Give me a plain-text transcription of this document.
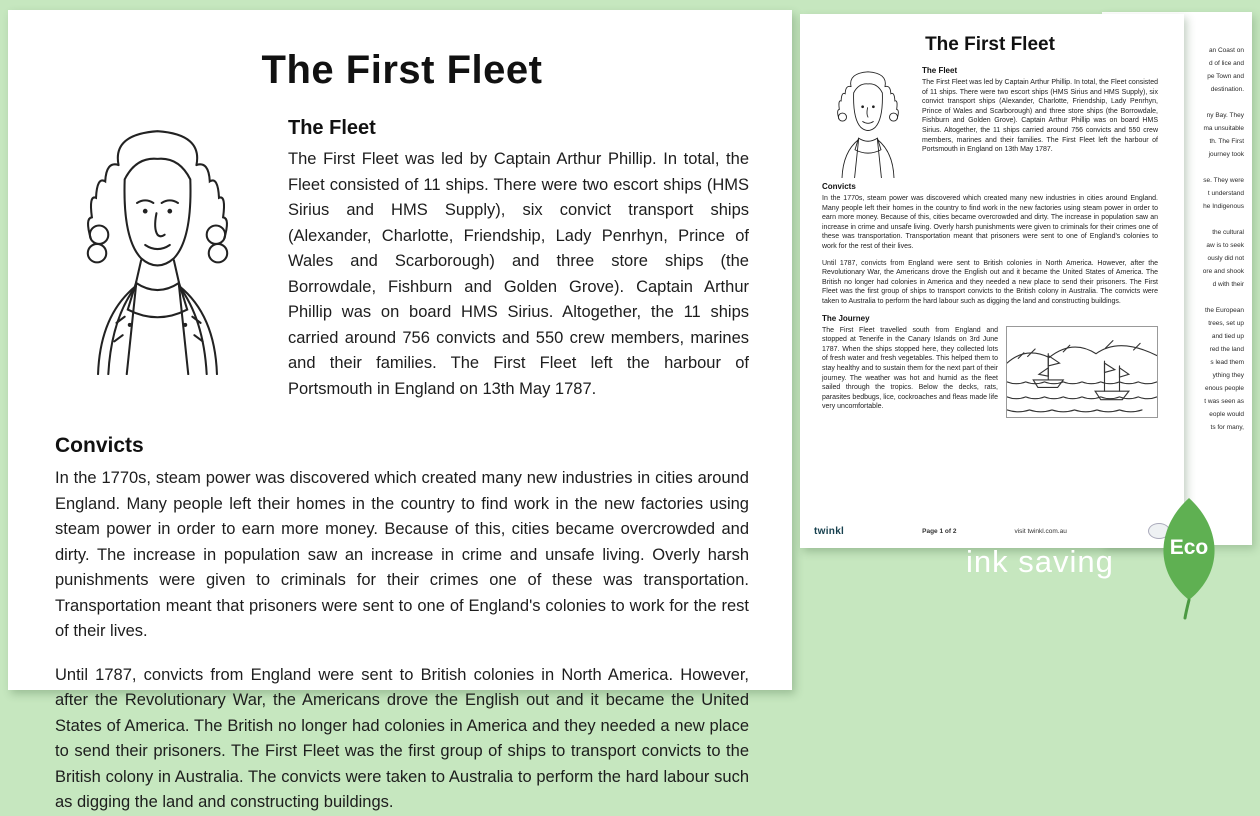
The First Fleet
The Fleet

The First Fleet was led by Captain Arthur Phillip. In total, the Fleet consisted of 11 ships. There were two escort ships (HMS Sirius and HMS Supply), six convict transport ships (Alexander, Charlotte, Friendship, Lady Penrhyn, Prince of Wales and Scarborough) and three store ships (the Borrowdale, Fishburn and Golden Grove). Captain Arthur Phillip was on board HMS Sirius. Altogether, the 11 ships carried around 756 convicts and 550 crew members, marines and their families. The First Fleet left the harbour of Portsmouth in England on 13th May 1787.

Convicts

In the 1770s, steam power was discovered which created many new industries in cities around England. Many people left their homes in the country to find work in the new factories using steam power in order to earn more money. Because of this, cities became overcrowded and dirty. The increase in population saw an increase in crime and unsafe living. Overly harsh punishments were given to criminals for their crimes one of these was transportation. Transportation meant that prisoners were sent to one of England's colonies to work for the rest of their lives.

Until 1787, convicts from England were sent to British colonies in North America. However, after the Revolutionary War, the Americans drove the English out and it became the United States of America. The British no longer had colonies in America and they needed a new place to send their prisoners. The First Fleet was the first group of ships to transport convicts to the British colony in Australia. The convicts were taken to Australia to perform the hard labour such as digging the land and constructing buildings.

an Coast on
d of lice and
pe Town and
destination.
ny Bay. They
ma unsuitable
th. The First
journey took
se. They were
t understand
he Indigenous
the cultural
aw is to seek
ously did not
ore and shook
d with their
the European
trees, set up
and tied up
red the land
s lead them
ything they
enous people
t was seen as
eople would
ts for many,
The First Fleet
The Fleet

The First Fleet was led by Captain Arthur Phillip. In total, the Fleet consisted of 11 ships. There were two escort ships (HMS Sirius and HMS Supply), six convict transport ships (Alexander, Charlotte, Friendship, Lady Penrhyn, Prince of Wales and Scarborough) and three store ships (the Borrowdale, Fishburn and Golden Grove). Captain Arthur Phillip was on board HMS Sirius. Altogether, the 11 ships carried around 756 convicts and 550 crew members, marines and their families. The First Fleet left the harbour of Portsmouth in England on 13th May 1787.

Convicts

In the 1770s, steam power was discovered which created many new industries in cities around England. Many people left their homes in the country to find work in the new factories using steam power in order to earn more money. Because of this, cities became overcrowded and dirty. The increase in population saw an increase in crime and unsafe living. Overly harsh punishments were given to criminals for their crimes one of these was transportation. Transportation meant that prisoners were sent to one of England's colonies to work for the rest of their lives.

Until 1787, convicts from England were sent to British colonies in North America. However, after the Revolutionary War, the Americans drove the English out and it became the United States of America. The British no longer had colonies in America and they needed a new place to send their prisoners. The First Fleet was the first group of ships to transport convicts to the British colony in Australia. The convicts were taken to Australia to perform the hard labour such as digging the land and constructing buildings.

The Journey

The First Fleet travelled south from England and stopped at Tenerife in the Canary Islands on 3rd June 1787. When the ships stopped here, they collected lots of fresh water and fresh vegetables. This helped them to stay healthy and to sustain them for the next part of their journey. The weather was hot and humid as the fleet sailed through the tropics. Below the decks, rats, parasites bedbugs, lice, cockroaches and fleas made life very uncomfortable.

twinkl	Page 1 of 2	visit twinkl.com.au
ink saving	Eco
